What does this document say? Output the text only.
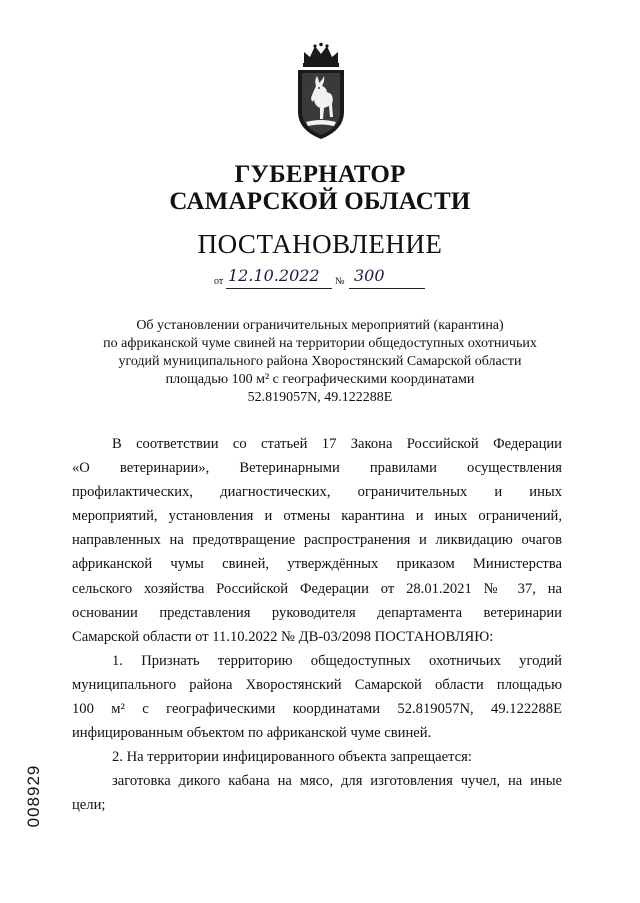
ГУБЕРНАТОР
САМАРСКОЙ ОБЛАСТИ
ПОСТАНОВЛЕНИЕ
от 12.10.2022 № 300
Об установлении ограничительных мероприятий (карантина)
по африканской чуме свиней на территории общедоступных охотничьих
угодий муниципального района Хворостянский Самарской области
площадью 100 м² с географическими координатами
52.819057N, 49.122288E
В соответствии со статьей 17 Закона Российской Федерации
«О ветеринарии», Ветеринарными правилами осуществления
профилактических, диагностических, ограничительных и иных
мероприятий, установления и отмены карантина и иных ограничений,
направленных на предотвращение распространения и ликвидацию очагов
африканской чумы свиней, утверждённых приказом Министерства
сельского хозяйства Российской Федерации от 28.01.2021 № 37, на
основании представления руководителя департамента ветеринарии
Самарской области от 11.10.2022 № ДВ-03/2098 ПОСТАНОВЛЯЮ:
1. Признать территорию общедоступных охотничьих угодий
муниципального района Хворостянский Самарской области площадью
100 м² с географическими координатами 52.819057N, 49.122288E
инфицированным объектом по африканской чуме свиней.
2. На территории инфицированного объекта запрещается:
заготовка дикого кабана на мясо, для изготовления чучел, на иные
цели;
008929
